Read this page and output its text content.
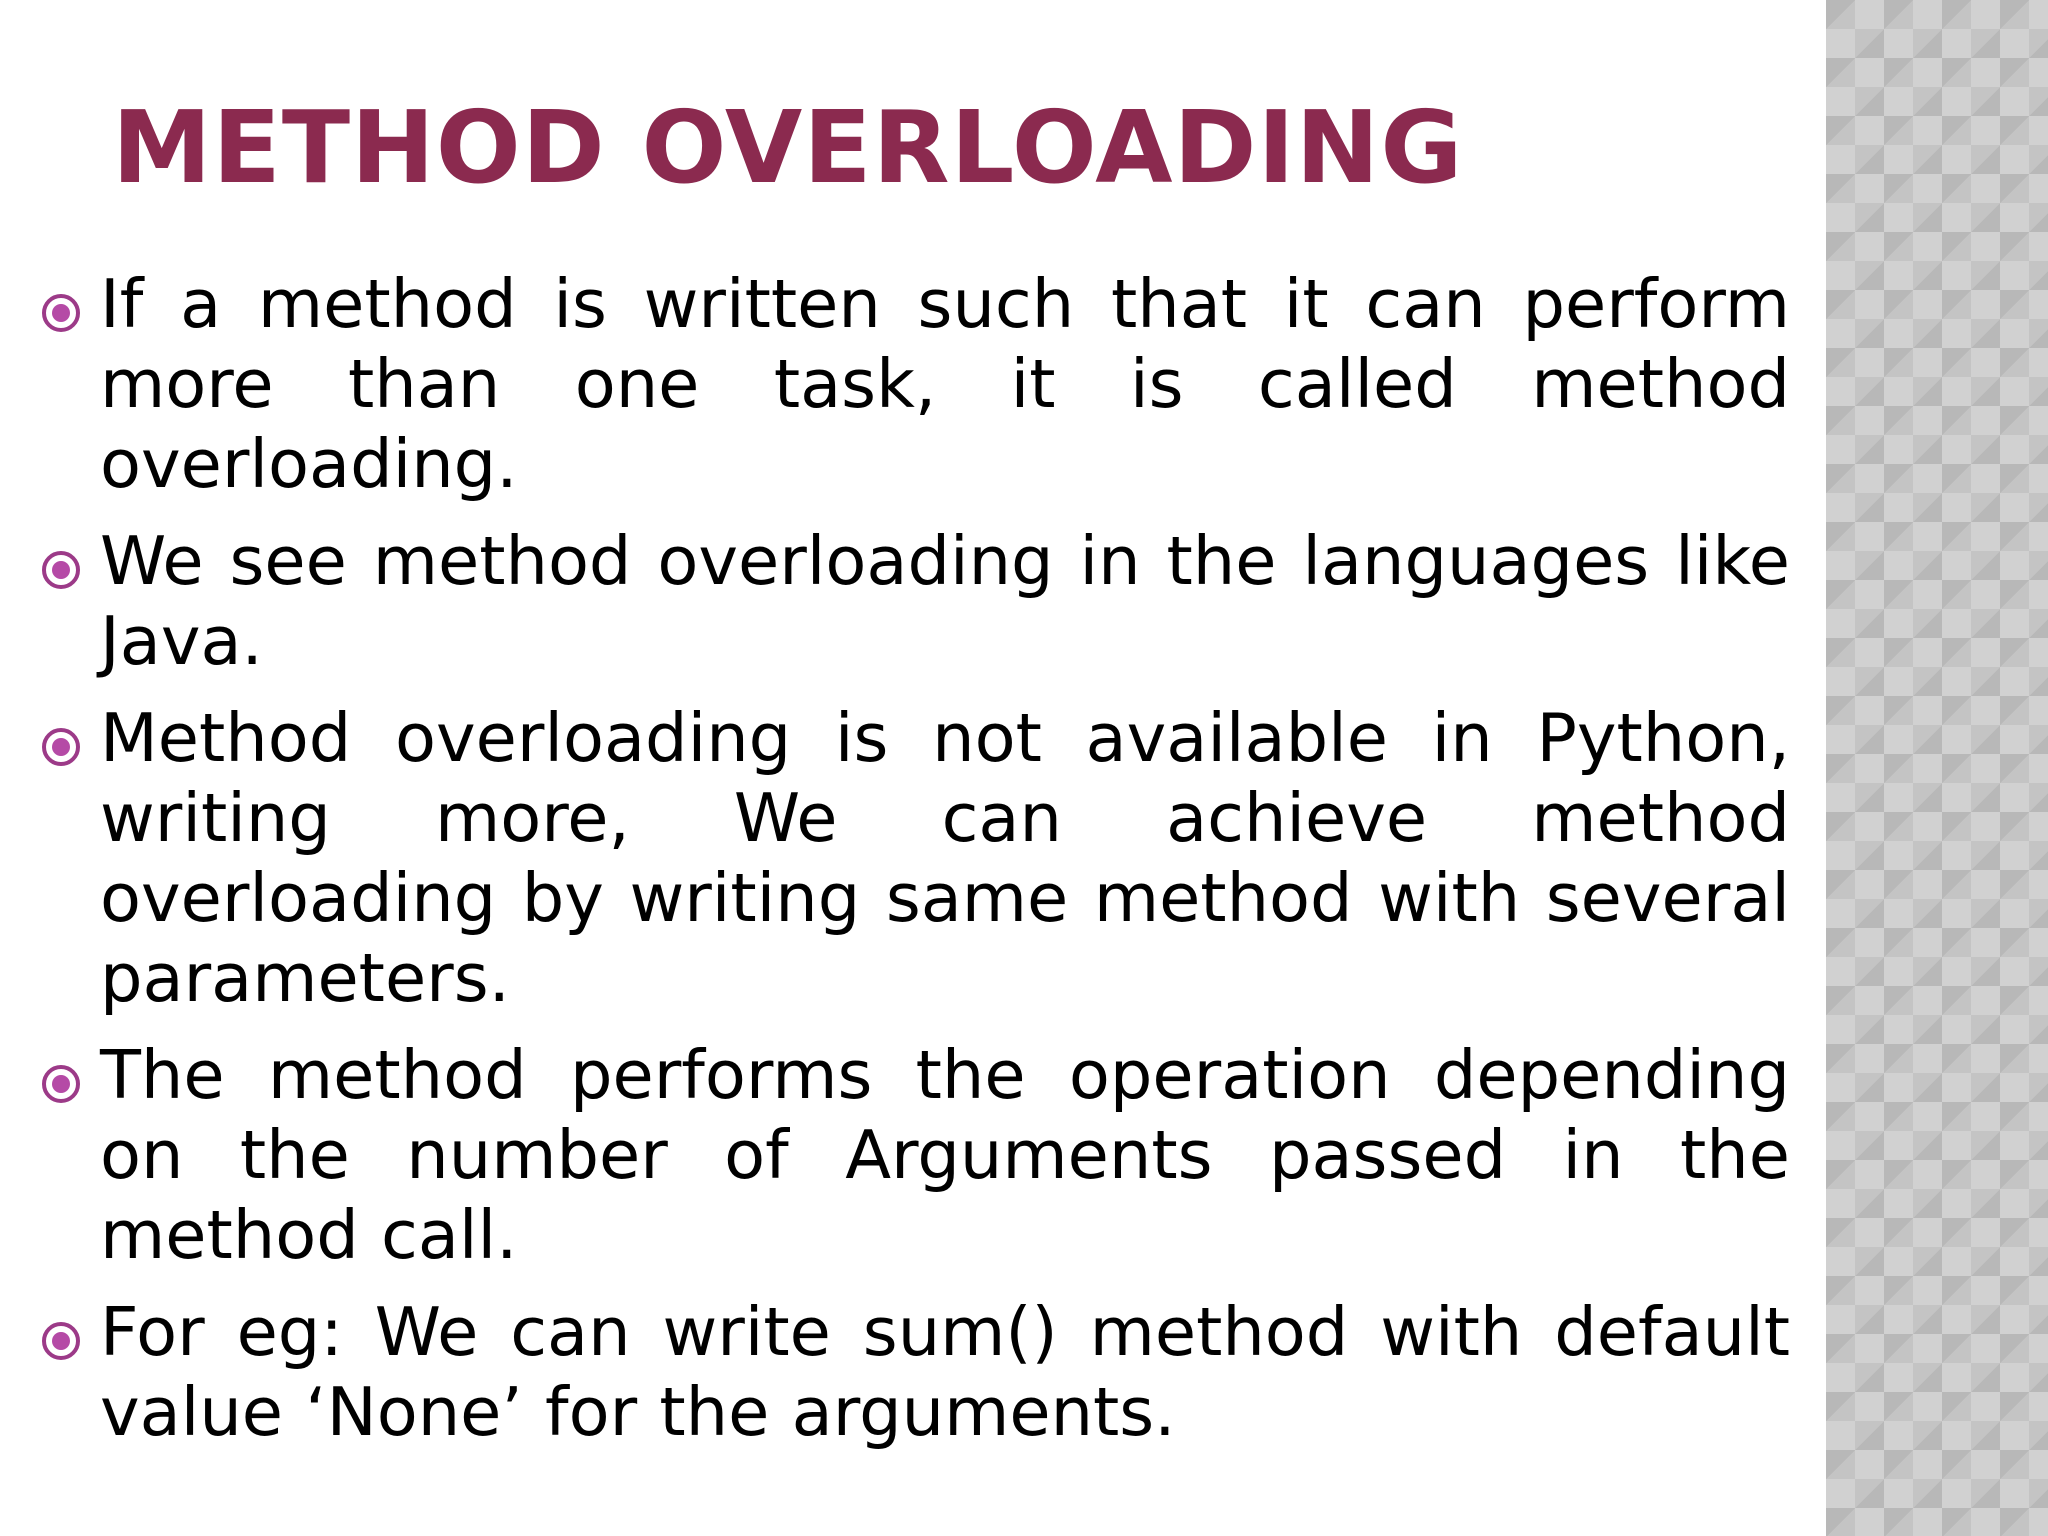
METHOD OVERLOADING
If a method is written such that it can perform more than one task, it is called method overloading.
We see method overloading in the languages like Java.
Method overloading is not available in Python, writing more, We can achieve method overloading by writing same method with several parameters.
The method performs the operation depending on the number of Arguments passed in the method call.
For eg: We can write sum() method with default value ‘None’ for the arguments.
